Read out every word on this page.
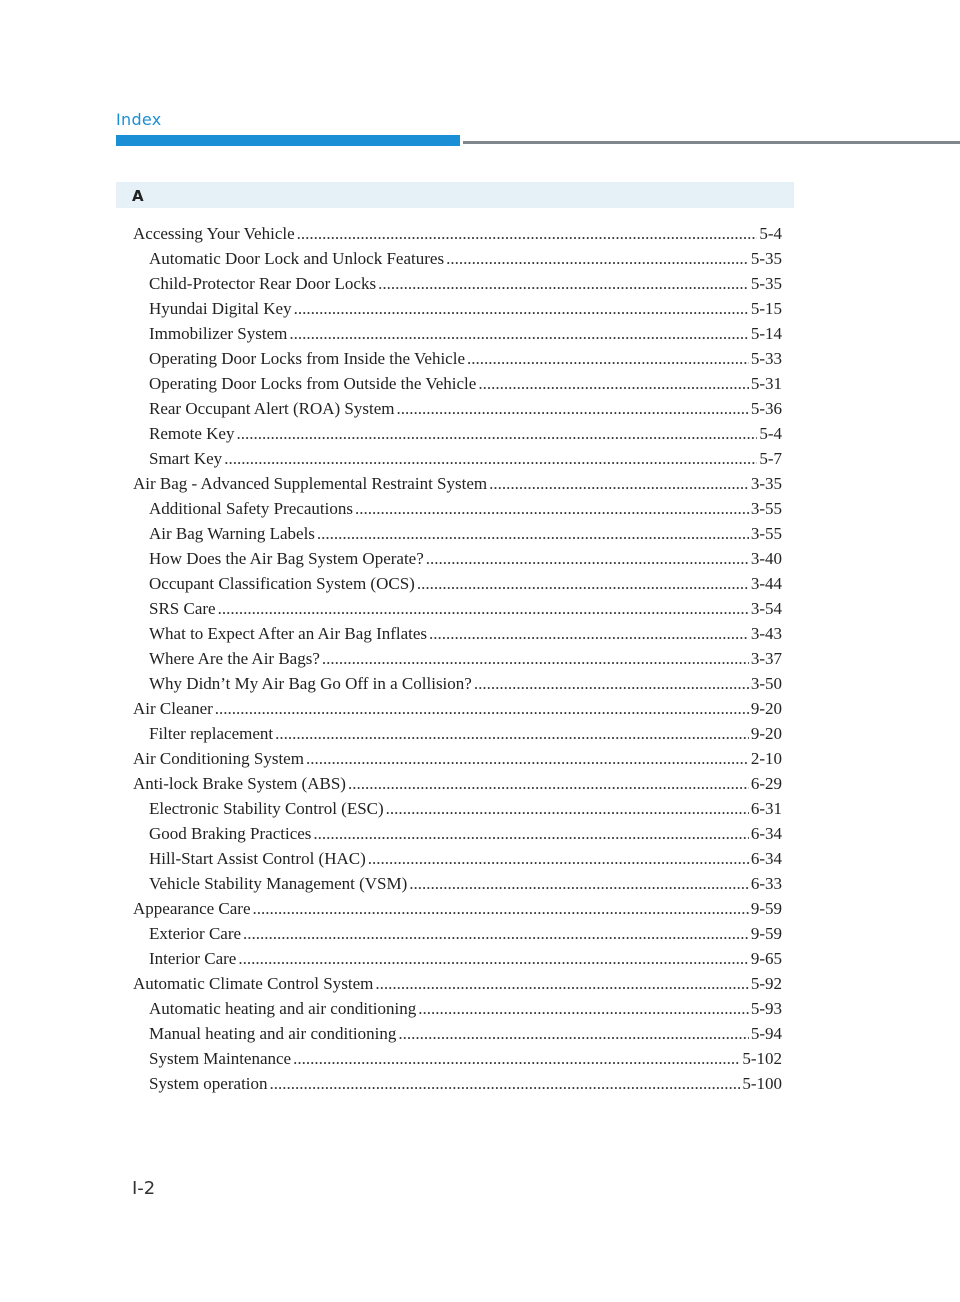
Index
A
Accessing Your Vehicle .....	5-4
Automatic Door Lock and Unlock Features .....	5-35
Child-Protector Rear Door Locks .....	5-35
Hyundai Digital Key .....	5-15
Immobilizer System .....	5-14
Operating Door Locks from Inside the Vehicle .....	5-33
Operating Door Locks from Outside the Vehicle .....	5-31
Rear Occupant Alert (ROA) System .....	5-36
Remote Key .....	5-4
Smart Key .....	5-7
Air Bag - Advanced Supplemental Restraint System .....	3-35
Additional Safety Precautions .....	3-55
Air Bag Warning Labels .....	3-55
How Does the Air Bag System Operate? .....	3-40
Occupant Classification System (OCS) .....	3-44
SRS Care .....	3-54
What to Expect After an Air Bag Inflates .....	3-43
Where Are the Air Bags? .....	3-37
Why Didn’t My Air Bag Go Off in a Collision? .....	3-50
Air Cleaner .....	9-20
Filter replacement .....	9-20
Air Conditioning System .....	2-10
Anti-lock Brake System (ABS) .....	6-29
Electronic Stability Control (ESC) .....	6-31
Good Braking Practices .....	6-34
Hill-Start Assist Control (HAC) .....	6-34
Vehicle Stability Management (VSM) .....	6-33
Appearance Care .....	9-59
Exterior Care .....	9-59
Interior Care .....	9-65
Automatic Climate Control System .....	5-92
Automatic heating and air conditioning .....	5-93
Manual heating and air conditioning .....	5-94
System Maintenance .....	5-102
System operation .....	5-100
I-2
